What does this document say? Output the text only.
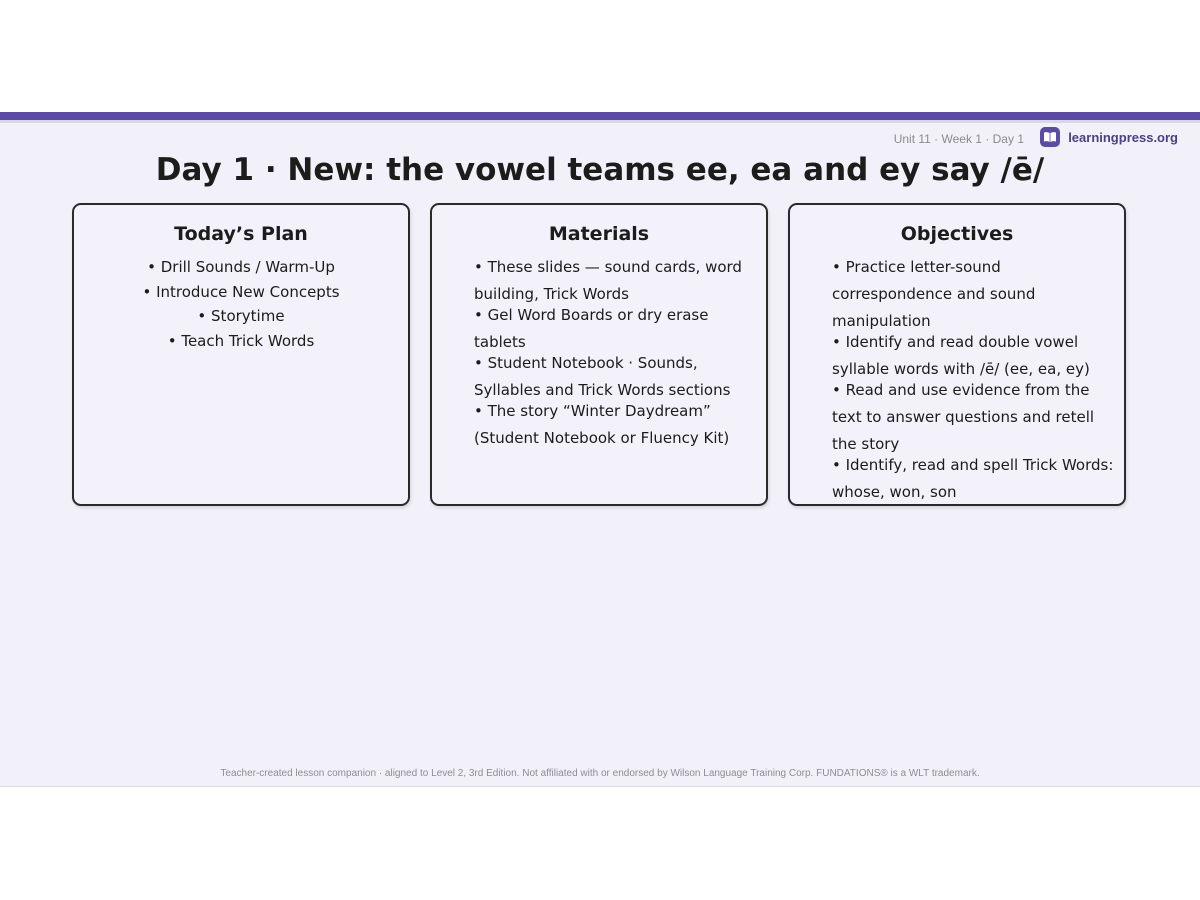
Unit 11 · Week 1 · Day 1	learningpress.org
Day 1 · New: the vowel teams ee, ea and ey say /ē/
Today’s Plan
• Drill Sounds / Warm-Up
• Introduce New Concepts
• Storytime
• Teach Trick Words
Materials
• These slides — sound cards, word building, Trick Words
• Gel Word Boards or dry erase tablets
• Student Notebook · Sounds, Syllables and Trick Words sections
• The story “Winter Daydream” (Student Notebook or Fluency Kit)
Objectives
• Practice letter-sound correspondence and sound manipulation
• Identify and read double vowel syllable words with /ē/ (ee, ea, ey)
• Read and use evidence from the text to answer questions and retell the story
• Identify, read and spell Trick Words: whose, won, son
Teacher-created lesson companion · aligned to Level 2, 3rd Edition. Not affiliated with or endorsed by Wilson Language Training Corp. FUNDATIONS® is a WLT trademark.
